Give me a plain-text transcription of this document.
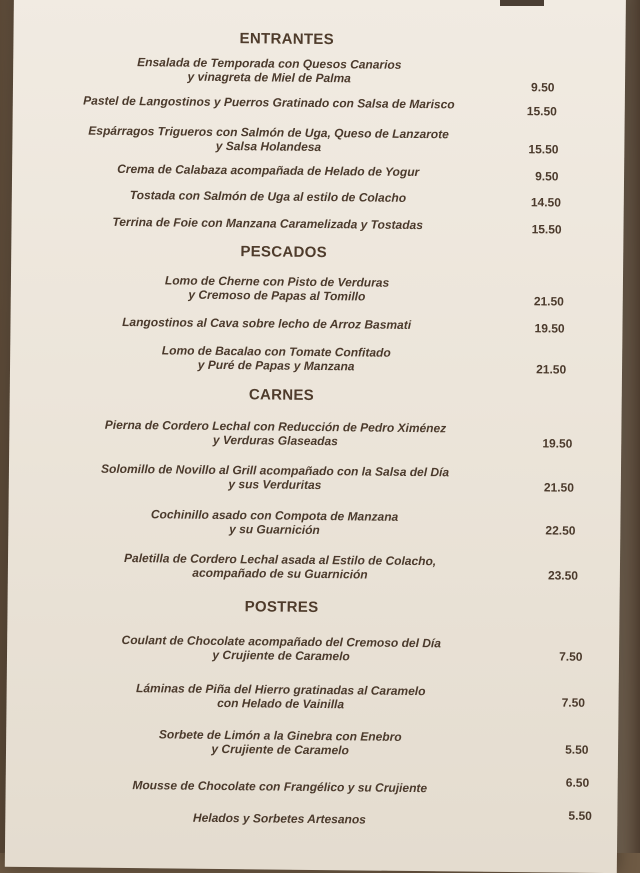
ENTRANTES
Ensalada de Temporada con Quesos Canarios
y vinagreta de Miel de Palma
9.50
Pastel de Langostinos y Puerros Gratinado con Salsa de Marisco	15.50
Espárragos Trigueros con Salmón de Uga, Queso de Lanzarote
y Salsa Holandesa	15.50
Crema de Calabaza acompañada de Helado de Yogur	9.50
Tostada con Salmón de Uga al estilo de Colacho	14.50
Terrina de Foie con Manzana Caramelizada y Tostadas	15.50
PESCADOS
Lomo de Cherne con Pisto de Verduras
y Cremoso de Papas al Tomillo	21.50
Langostinos al Cava sobre lecho de Arroz Basmati	19.50
Lomo de Bacalao con Tomate Confitado
y Puré de Papas y Manzana	21.50
CARNES
Pierna de Cordero Lechal con Reducción de Pedro Ximénez
y Verduras Glaseadas	19.50
Solomillo de Novillo al Grill acompañado con la Salsa del Día
y sus Verduritas	21.50
Cochinillo asado con Compota de Manzana
y su Guarnición	22.50
Paletilla de Cordero Lechal asada al Estilo de Colacho,
acompañado de su Guarnición	23.50
POSTRES
Coulant de Chocolate acompañado del Cremoso del Día
y Crujiente de Caramelo	7.50
Láminas de Piña del Hierro gratinadas al Caramelo
con Helado de Vainilla	7.50
Sorbete de Limón a la Ginebra con Enebro
y Crujiente de Caramelo	5.50
Mousse de Chocolate con Frangélico y su Crujiente	6.50
Helados y Sorbetes Artesanos	5.50
